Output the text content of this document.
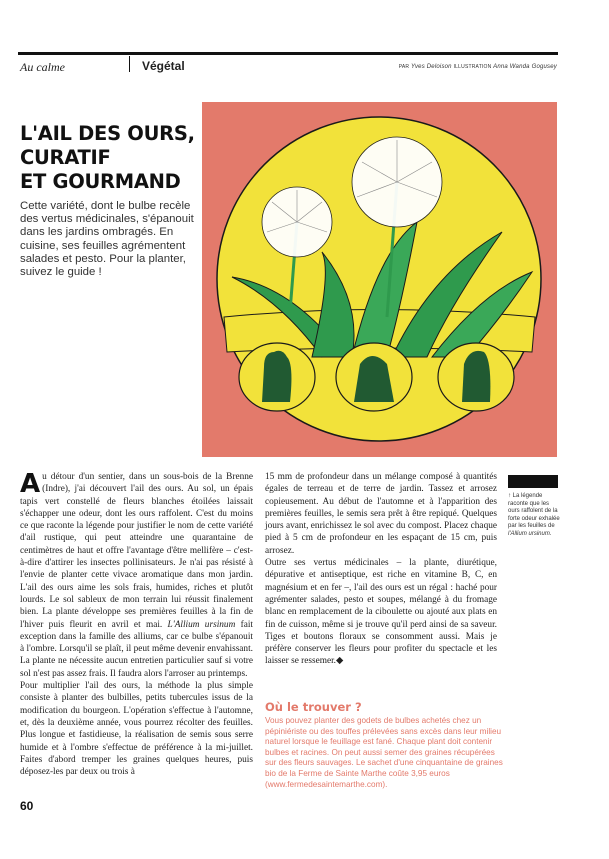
Au calme	Végétal	PAR Yves Deloison ILLUSTRATION Anna Wanda Gogusey
L'AIL DES OURS,
CURATIF
ET GOURMAND
Cette variété, dont le bulbe recèle des vertus médicinales, s'épanouit dans les jardins ombragés. En cuisine, ses feuilles agrémentent salades et pesto. Pour la planter, suivez le guide !
Au détour d'un sentier, dans un sous-bois de la Brenne (Indre), j'ai découvert l'ail des ours. Au sol, un épais tapis vert constellé de fleurs blanches étoilées laissait s'échapper une odeur, dont les ours raffolent. C'est du moins ce que raconte la légende pour justifier le nom de cette variété d'ail rustique, qui peut atteindre une quarantaine de centimètres de haut et offre l'avantage d'être mellifère – c'est-à-dire d'attirer les insectes pollinisateurs. Je n'ai pas résisté à l'envie de planter cette vivace aromatique dans mon jardin. L'ail des ours aime les sols frais, humides, riches et plutôt lourds. Le sol sableux de mon terrain lui réussit finalement bien. La plante développe ses premières feuilles à la fin de l'hiver puis fleurit en avril et mai. L'Allium ursinum fait exception dans la famille des alliums, car ce bulbe s'épanouit à l'ombre. Lorsqu'il se plaît, il peut même devenir envahissant. La plante ne nécessite aucun entretien particulier sauf si votre sol n'est pas assez frais. Il faudra alors l'arroser au printemps.
Pour multiplier l'ail des ours, la méthode la plus simple consiste à planter des bulbilles, petits tubercules issus de la modification du bourgeon. L'opération s'effectue à l'automne, et, dès la deuxième année, vous pourrez récolter des feuilles. Plus longue et fastidieuse, la réalisation de semis sous serre humide et à l'ombre s'effectue de préférence à la mi-juillet. Faites d'abord tremper les graines quelques heures, puis déposez-les par deux ou trois à
15 mm de profondeur dans un mélange composé à quantités égales de terreau et de terre de jardin. Tassez et arrosez copieusement. Au début de l'automne et à l'apparition des premières feuilles, le semis sera prêt à être repiqué. Quelques jours avant, enrichissez le sol avec du compost. Placez chaque pied à 5 cm de profondeur en les espaçant de 15 cm, puis arrosez.
Outre ses vertus médicinales – la plante, diurétique, dépurative et antiseptique, est riche en vitamine B, C, en magnésium et en fer –, l'ail des ours est un régal : haché pour agrémenter salades, pesto et soupes, mélangé à du fromage blanc en remplacement de la ciboulette ou ajouté aux plats en fin de cuisson, même si je trouve qu'il perd ainsi de sa saveur. Tiges et boutons floraux se consomment aussi. Mais je préfère conserver les fleurs pour profiter du spectacle et les laisser se ressemer.◆
↑ La légende raconte que les ours raffolent de la forte odeur exhalée par les feuilles de l'Allium ursinum.
Où le trouver ?
Vous pouvez planter des godets de bulbes achetés chez un pépiniériste ou des touffes prélevées sans excès dans leur milieu naturel lorsque le feuillage est fané. Chaque plant doit contenir bulbes et racines. On peut aussi semer des graines récupérées sur des fleurs sauvages. Le sachet d'une cinquantaine de graines bio de la Ferme de Sainte Marthe coûte 3,95 euros (www.fermedesaintemarthe.com).
60
